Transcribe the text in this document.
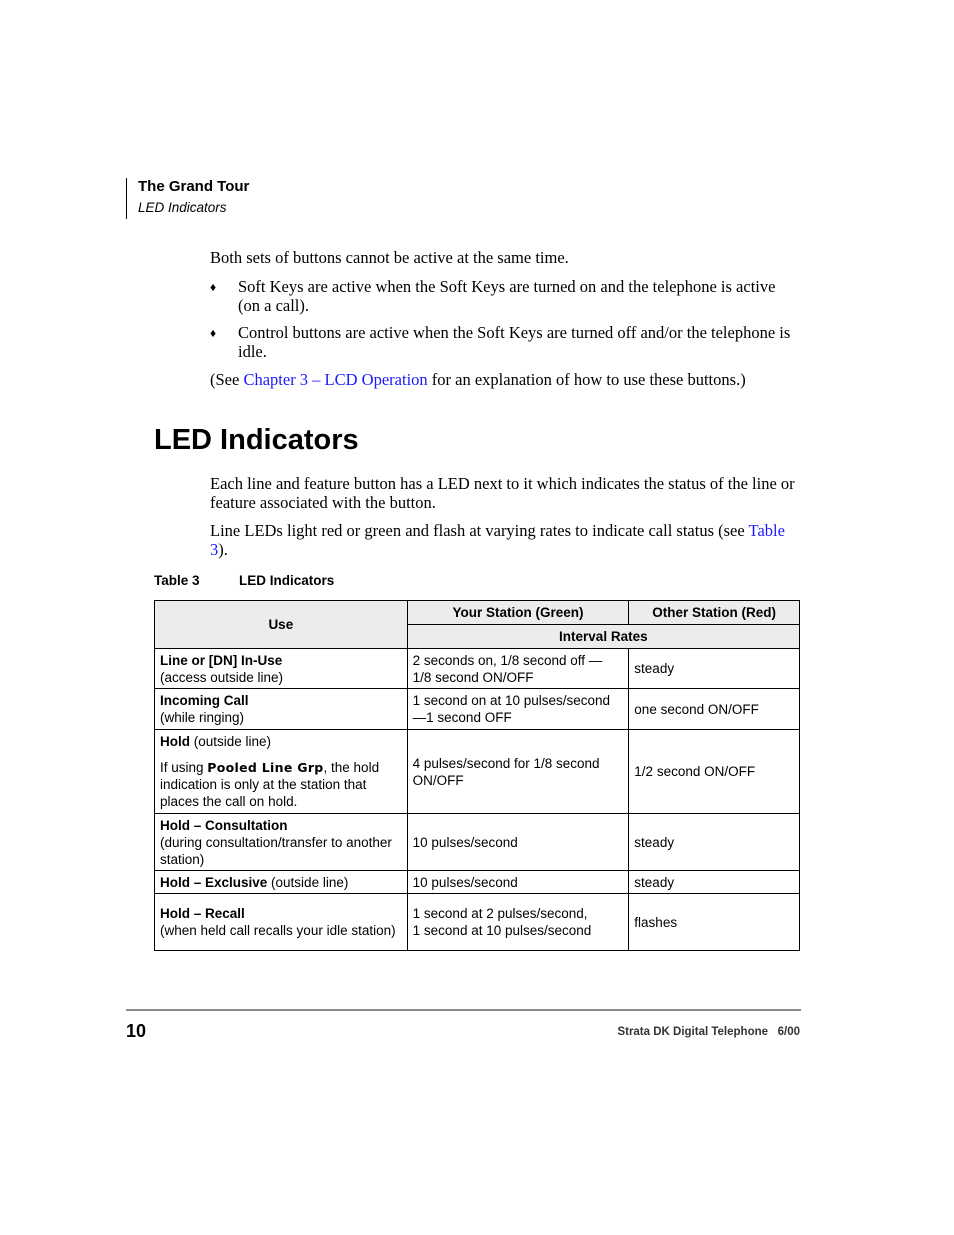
The Grand Tour
LED Indicators
Both sets of buttons cannot be active at the same time.
♦ Soft Keys are active when the Soft Keys are turned on and the telephone is active (on a call).
♦ Control buttons are active when the Soft Keys are turned off and/or the telephone is idle.
(See Chapter 3 – LCD Operation for an explanation of how to use these buttons.)
LED Indicators
Each line and feature button has a LED next to it which indicates the status of the line or feature associated with the button.
Line LEDs light red or green and flash at varying rates to indicate call status (see Table 3).
Table 3	LED Indicators
Use	Your Station (Green)	Other Station (Red)
	Interval Rates	
Line or [DN] In-Use
(access outside line)	2 seconds on, 1/8 second off — 1/8 second ON/OFF	steady
Incoming Call
(while ringing)	1 second on at 10 pulses/second —1 second OFF	one second ON/OFF
Hold (outside line)
If using Pooled Line Grp, the hold indication is only at the station that places the call on hold.	4 pulses/second for 1/8 second ON/OFF	1/2 second ON/OFF
Hold – Consultation
(during consultation/transfer to another station)	10 pulses/second	steady
Hold – Exclusive (outside line)	10 pulses/second	steady
Hold – Recall
(when held call recalls your idle station)	1 second at 2 pulses/second,
1 second at 10 pulses/second	flashes
10	Strata DK Digital Telephone   6/00
